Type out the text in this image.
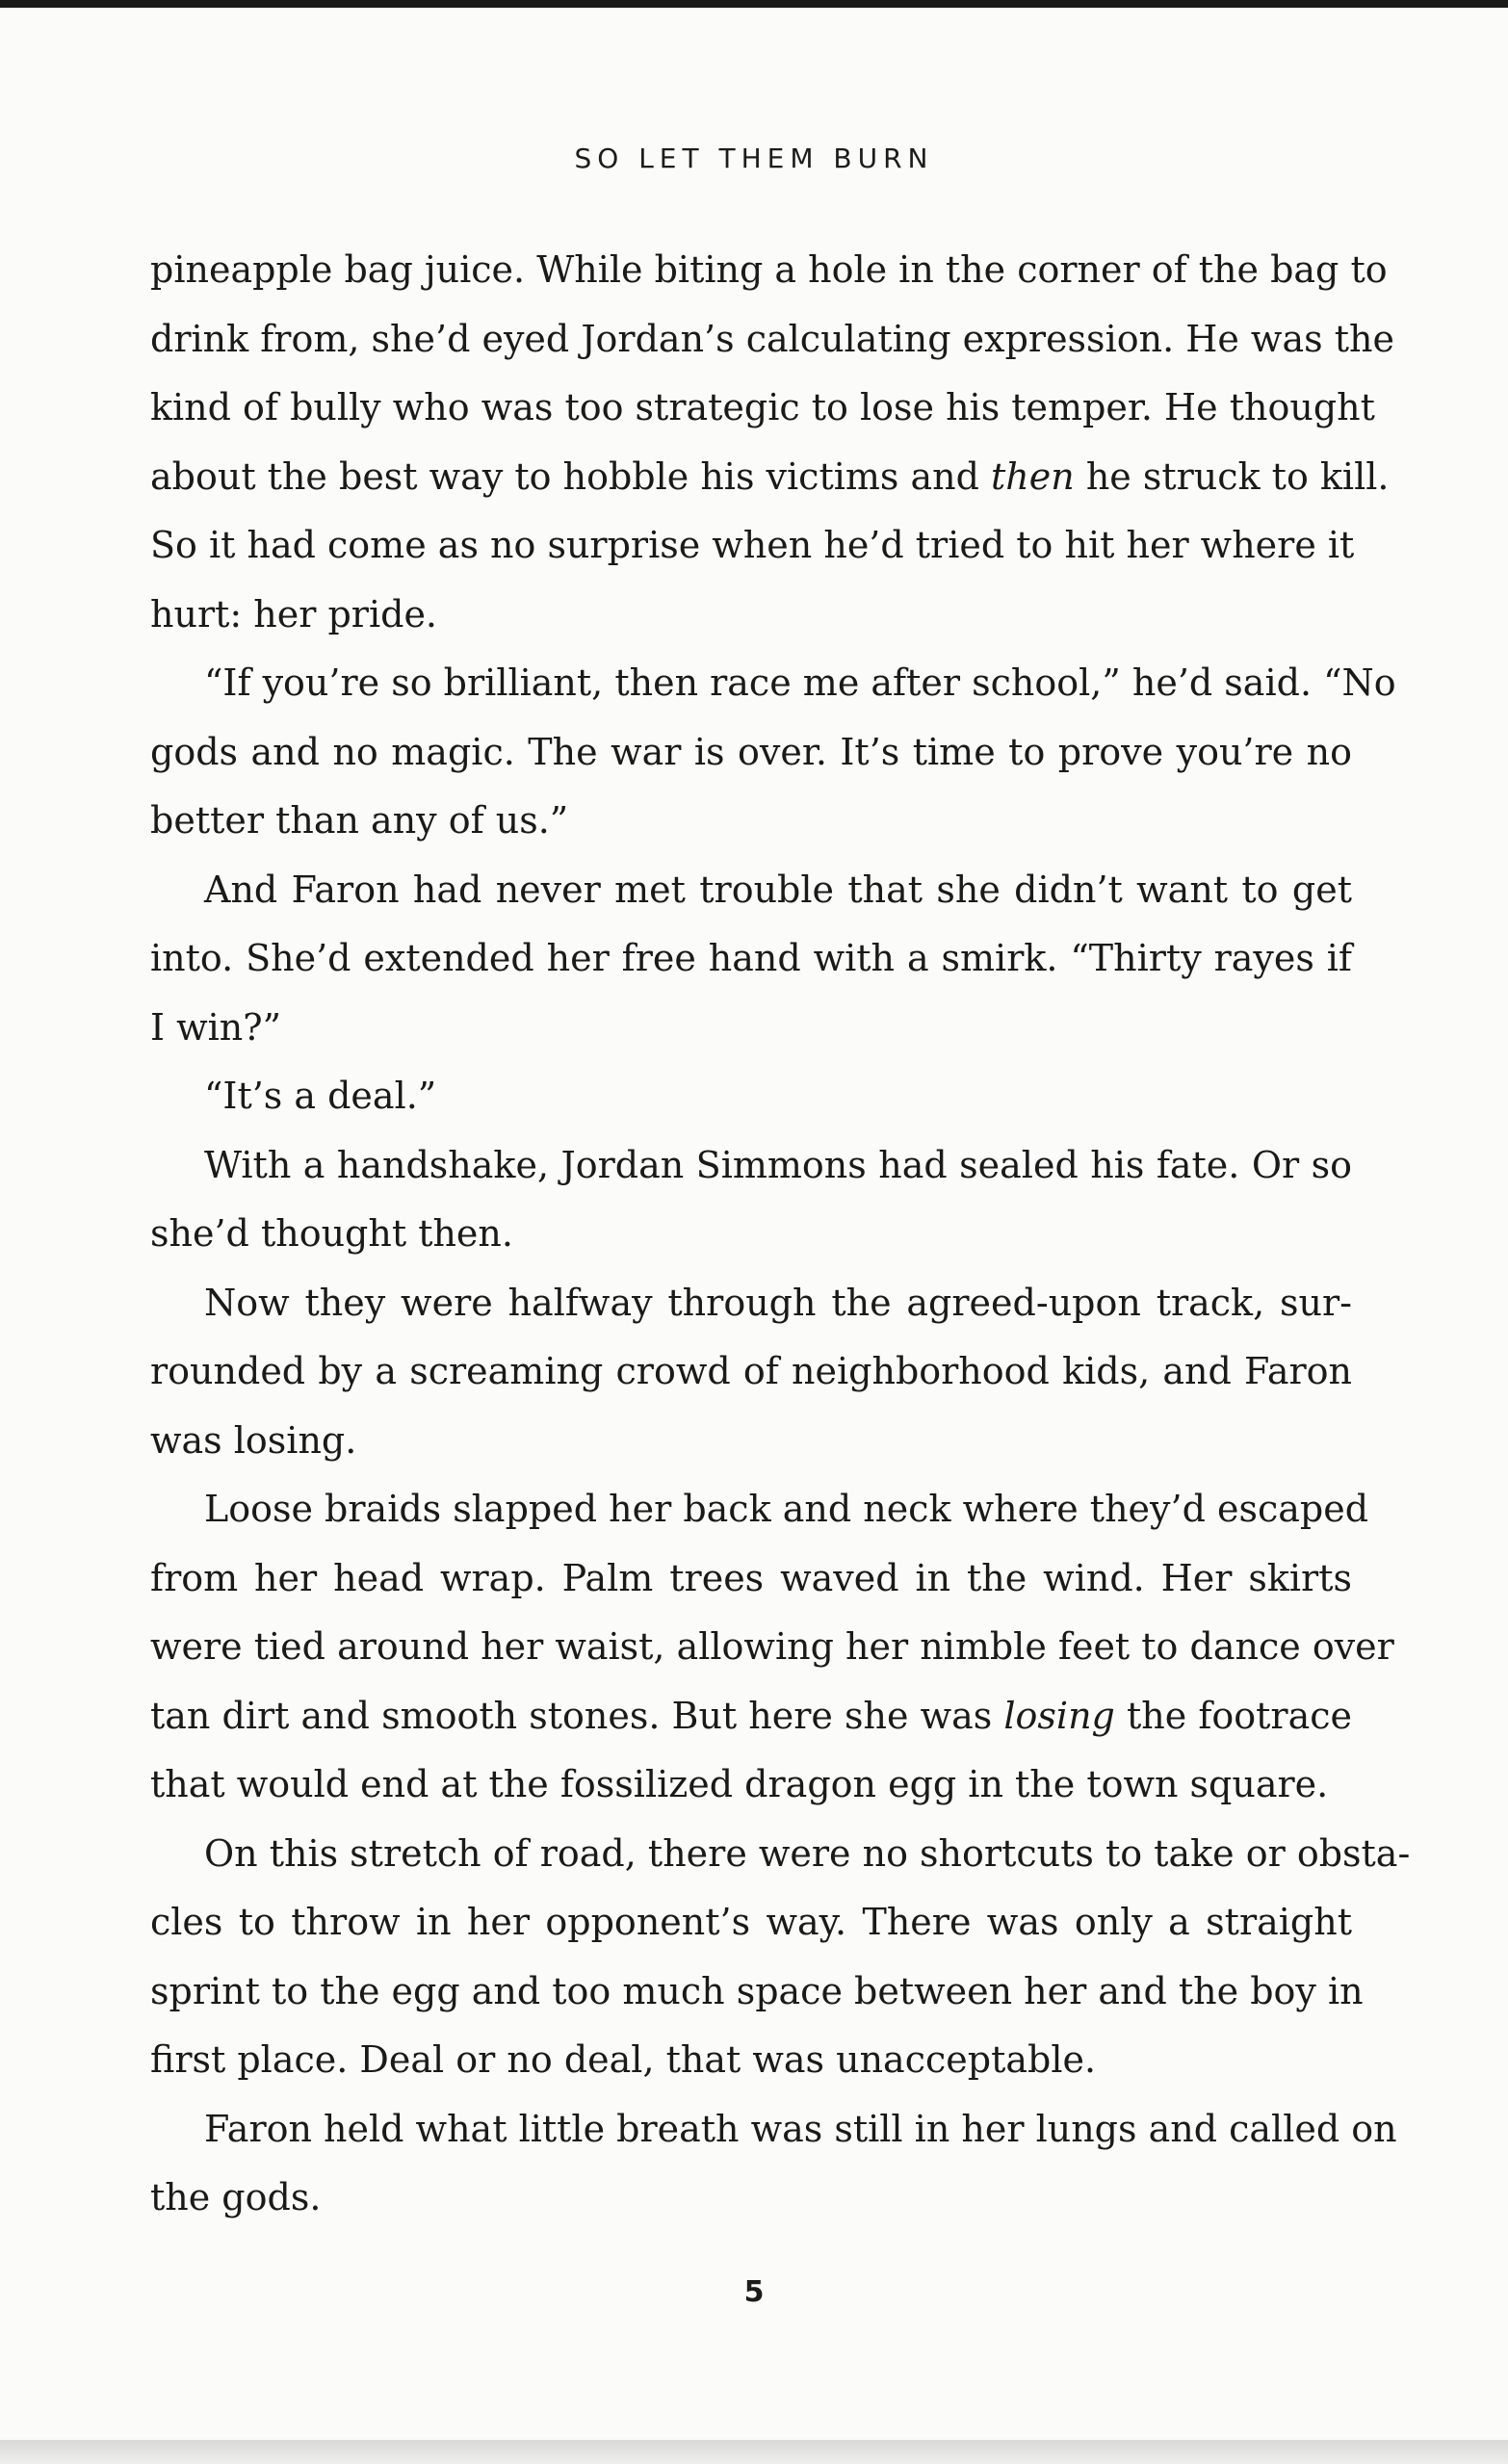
SO LET THEM BURN
pineapple bag juice. While biting a hole in the corner of the bag to
drink from, she’d eyed Jordan’s calculating expression. He was the
kind of bully who was too strategic to lose his temper. He thought
about the best way to hobble his victims and then he struck to kill.
So it had come as no surprise when he’d tried to hit her where it
hurt: her pride.
“If you’re so brilliant, then race me after school,” he’d said. “No
gods and no magic. The war is over. It’s time to prove you’re no
better than any of us.”
And Faron had never met trouble that she didn’t want to get
into. She’d extended her free hand with a smirk. “Thirty rayes if
I win?”
“It’s a deal.”
With a handshake, Jordan Simmons had sealed his fate. Or so
she’d thought then.
Now they were halfway through the agreed-upon track, sur-
rounded by a screaming crowd of neighborhood kids, and Faron
was losing.
Loose braids slapped her back and neck where they’d escaped
from her head wrap. Palm trees waved in the wind. Her skirts
were tied around her waist, allowing her nimble feet to dance over
tan dirt and smooth stones. But here she was losing the footrace
that would end at the fossilized dragon egg in the town square.
On this stretch of road, there were no shortcuts to take or obsta-
cles to throw in her opponent’s way. There was only a straight
sprint to the egg and too much space between her and the boy in
first place. Deal or no deal, that was unacceptable.
Faron held what little breath was still in her lungs and called on
the gods.
5
